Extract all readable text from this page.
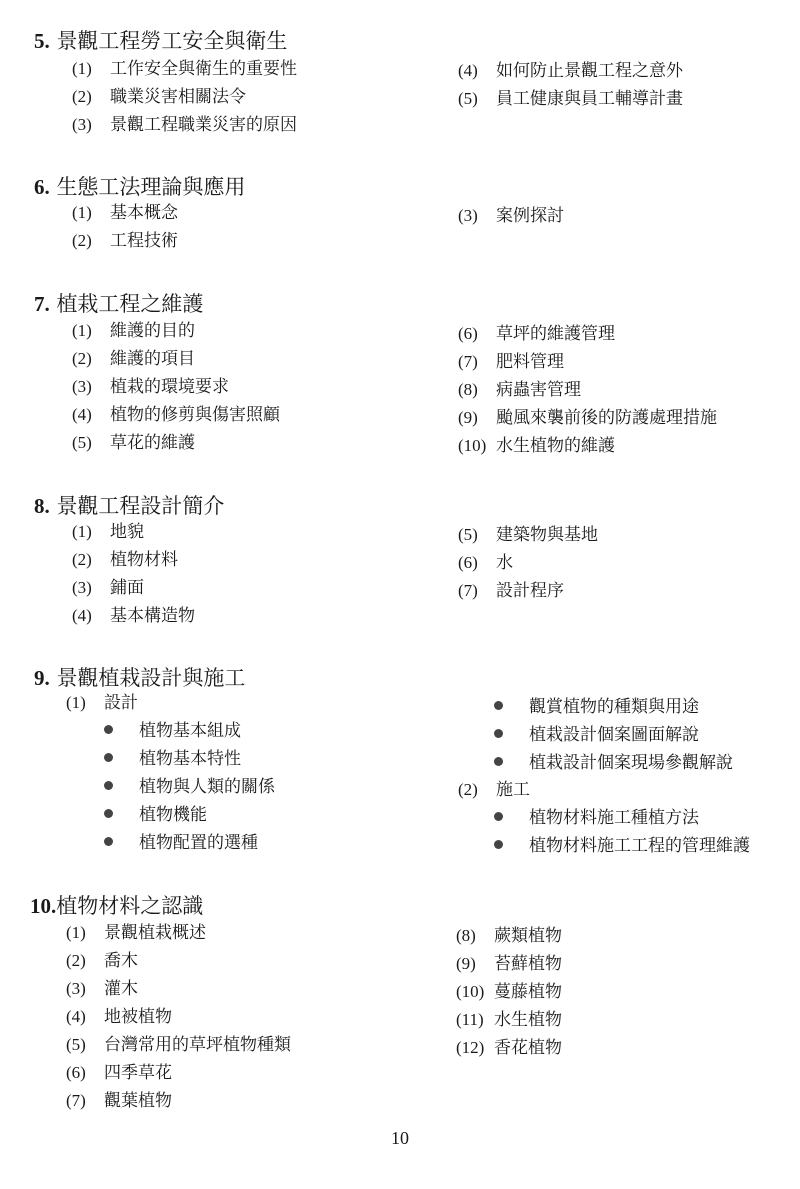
5. 景觀工程勞工安全與衛生
(1) 工作安全與衛生的重要性
(2) 職業災害相關法令
(3) 景觀工程職業災害的原因
(4) 如何防止景觀工程之意外
(5) 員工健康與員工輔導計畫
6. 生態工法理論與應用
(1) 基本概念
(2) 工程技術
(3) 案例探討
7. 植栽工程之維護
(1) 維護的目的
(2) 維護的項目
(3) 植栽的環境要求
(4) 植物的修剪與傷害照顧
(5) 草花的維護
(6) 草坪的維護管理
(7) 肥料管理
(8) 病蟲害管理
(9) 颱風來襲前後的防護處理措施
(10) 水生植物的維護
8. 景觀工程設計簡介
(1) 地貌
(2) 植物材料
(3) 鋪面
(4) 基本構造物
(5) 建築物與基地
(6) 水
(7) 設計程序
9. 景觀植栽設計與施工
(1) 設計
植物基本組成
植物基本特性
植物與人類的關係
植物機能
植物配置的選種
觀賞植物的種類與用途
植栽設計個案圖面解說
植栽設計個案現場參觀解說
(2) 施工
植物材料施工種植方法
植物材料施工工程的管理維護
10.植物材料之認識
(1) 景觀植栽概述
(2) 喬木
(3) 灌木
(4) 地被植物
(5) 台灣常用的草坪植物種類
(6) 四季草花
(7) 觀葉植物
(8) 蕨類植物
(9) 苔蘚植物
(10) 蔓藤植物
(11) 水生植物
(12) 香花植物
10
